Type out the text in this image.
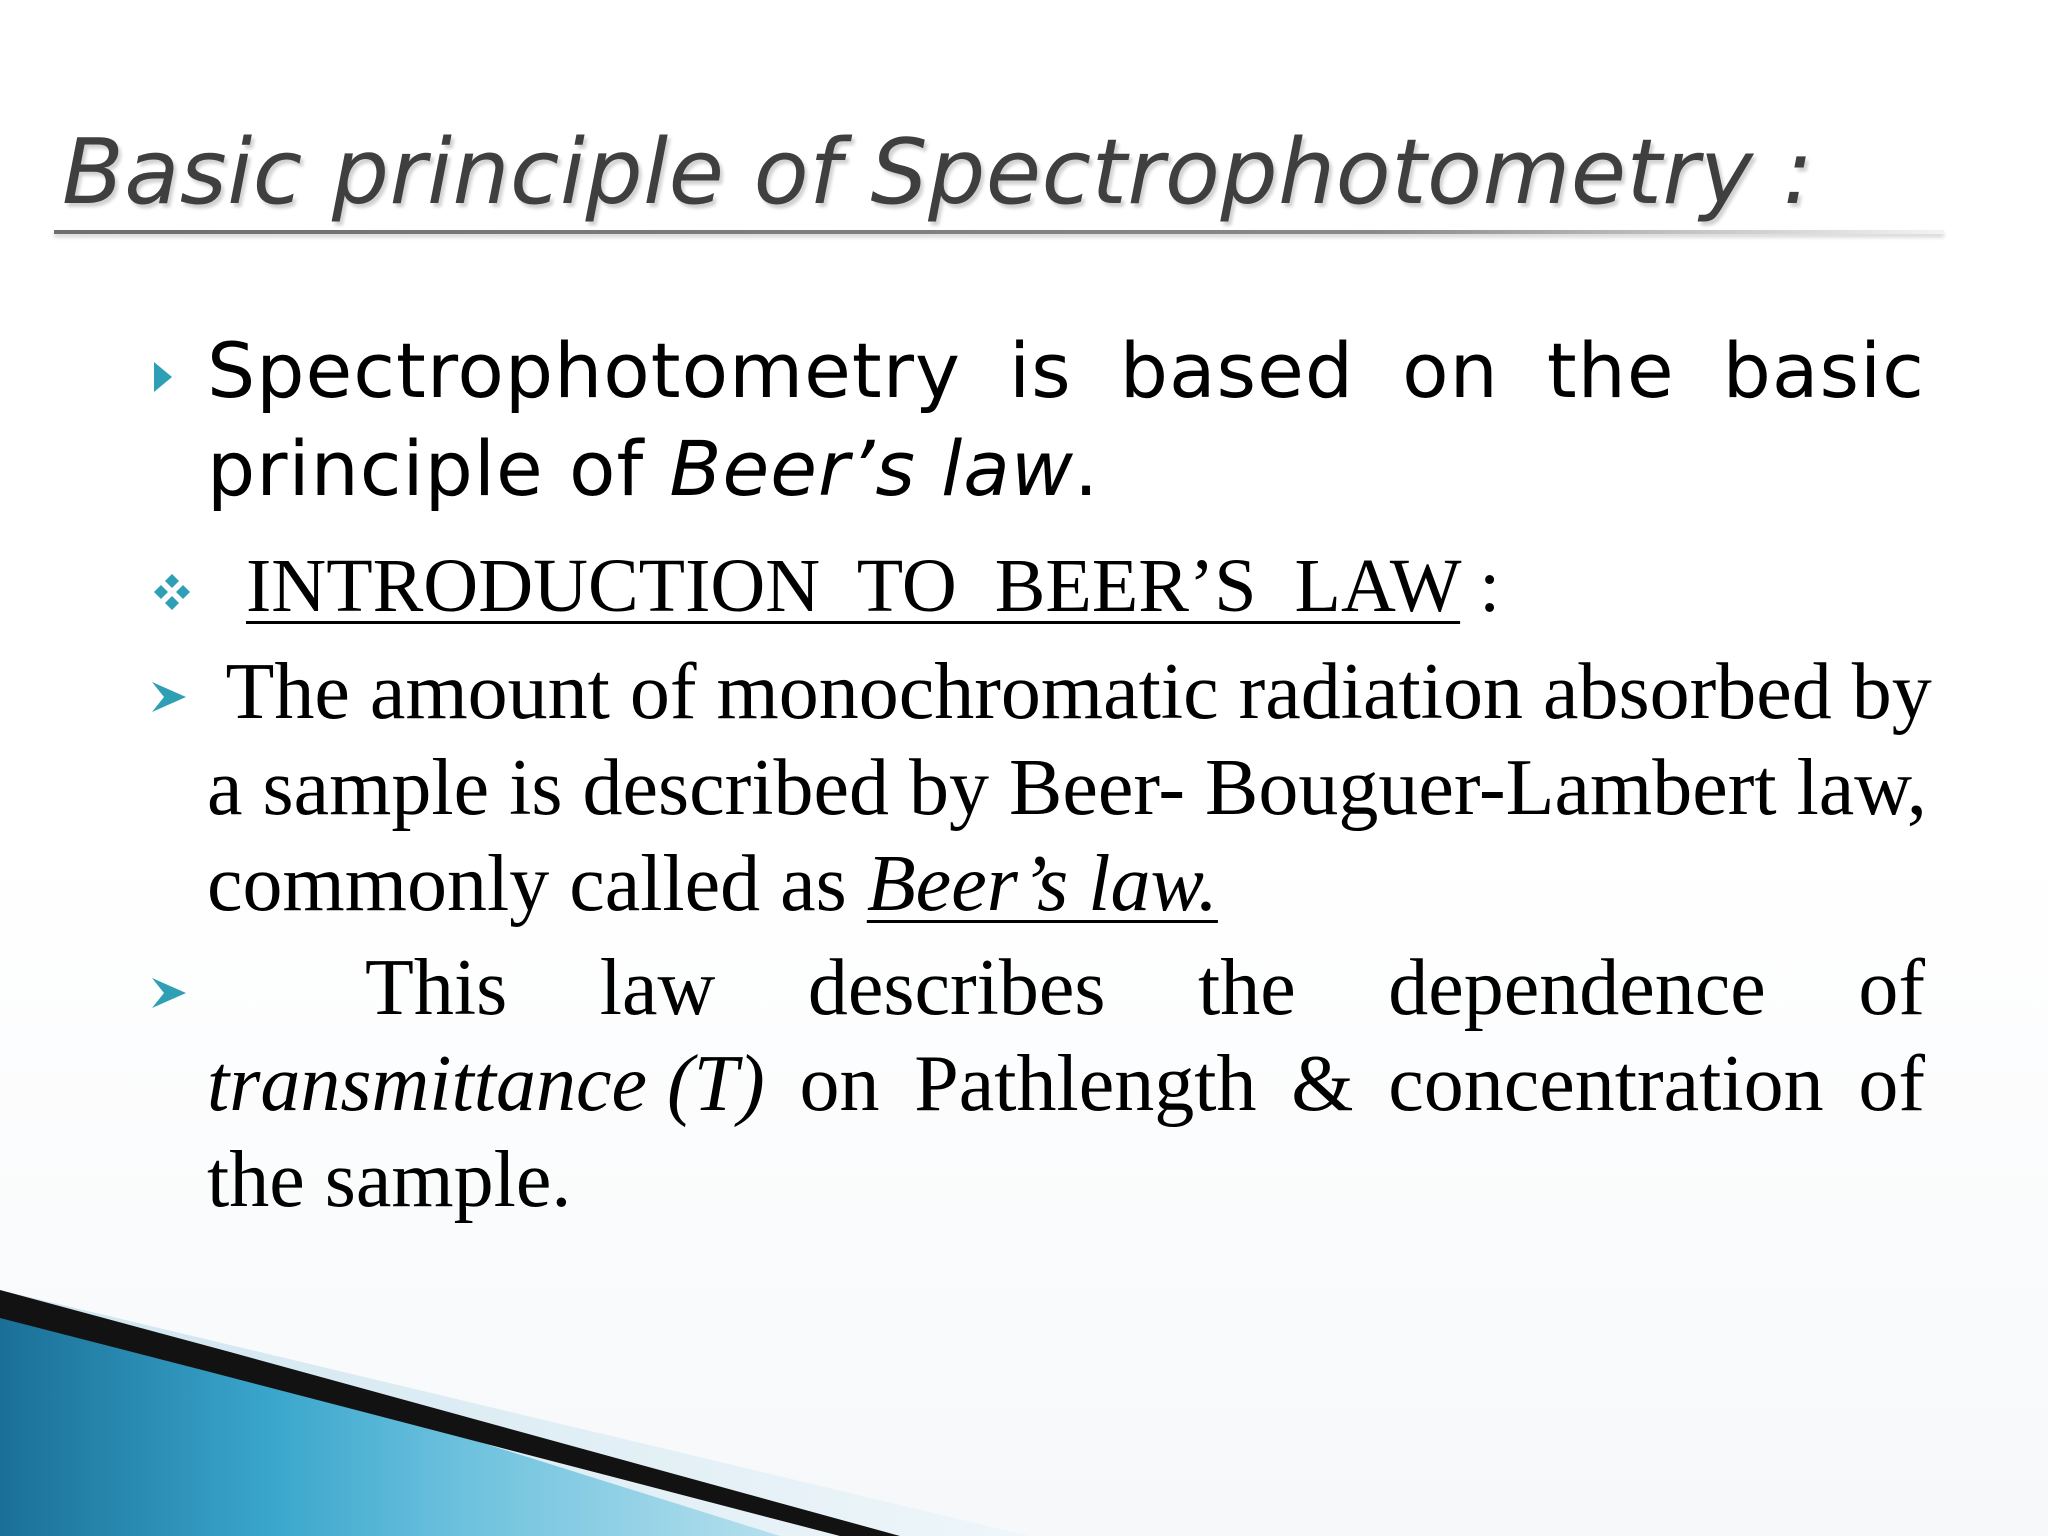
Basic principle of Spectrophotometry :
Spectrophotometry is based on the basic
principle of Beer’s law.
INTRODUCTION  TO  BEER’S  LAW :
The amount of monochromatic radiation absorbed by
a sample is described by Beer- Bouguer-Lambert law,
commonly called as Beer’s law.
This law describes the dependence of
transmittance (T) on Pathlength & concentration of
the sample.
